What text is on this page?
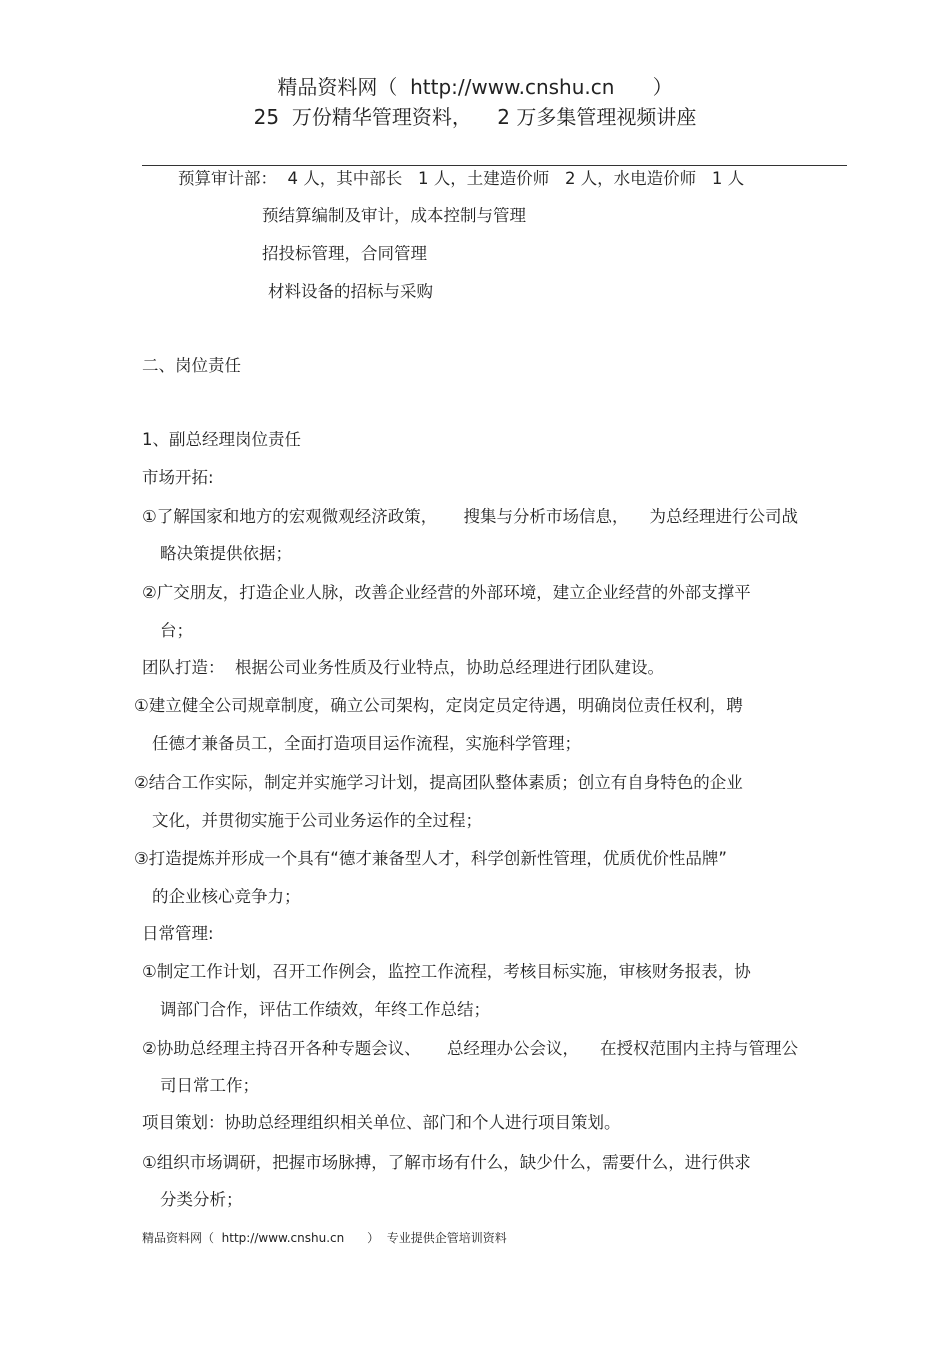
精品资料网（  http://www.cnshu.cn      ）
25  万份精华管理资料，    2 万多集管理视频讲座
预算审计部：  4 人，其中部长   1 人，土建造价师   2 人，水电造价师   1 人
预结算编制及审计，成本控制与管理
招投标管理，合同管理
材料设备的招标与采购
二、岗位责任
1、副总经理岗位责任
市场开拓:
①了解国家和地方的宏观微观经济政策，     搜集与分析市场信息，    为总经理进行公司战
略决策提供依据；
②广交朋友，打造企业人脉，改善企业经营的外部环境，建立企业经营的外部支撑平
台；
团队打造：  根据公司业务性质及行业特点，协助总经理进行团队建设。
①建立健全公司规章制度，确立公司架构，定岗定员定待遇，明确岗位责任权利，聘
任德才兼备员工，全面打造项目运作流程，实施科学管理；
②结合工作实际，制定并实施学习计划，提高团队整体素质；创立有自身特色的企业
文化，并贯彻实施于公司业务运作的全过程；
③打造提炼并形成一个具有“德才兼备型人才，科学创新性管理，优质优价性品牌”
的企业核心竞争力；
日常管理:
①制定工作计划，召开工作例会，监控工作流程，考核目标实施，审核财务报表，协
调部门合作，评估工作绩效，年终工作总结；
②协助总经理主持召开各种专题会议、     总经理办公会议，    在授权范围内主持与管理公
司日常工作；
项目策划：协助总经理组织相关单位、部门和个人进行项目策划。
①组织市场调研，把握市场脉搏，了解市场有什么，缺少什么，需要什么，进行供求
分类分析；
精品资料网（  http://www.cnshu.cn      ）  专业提供企管培训资料
